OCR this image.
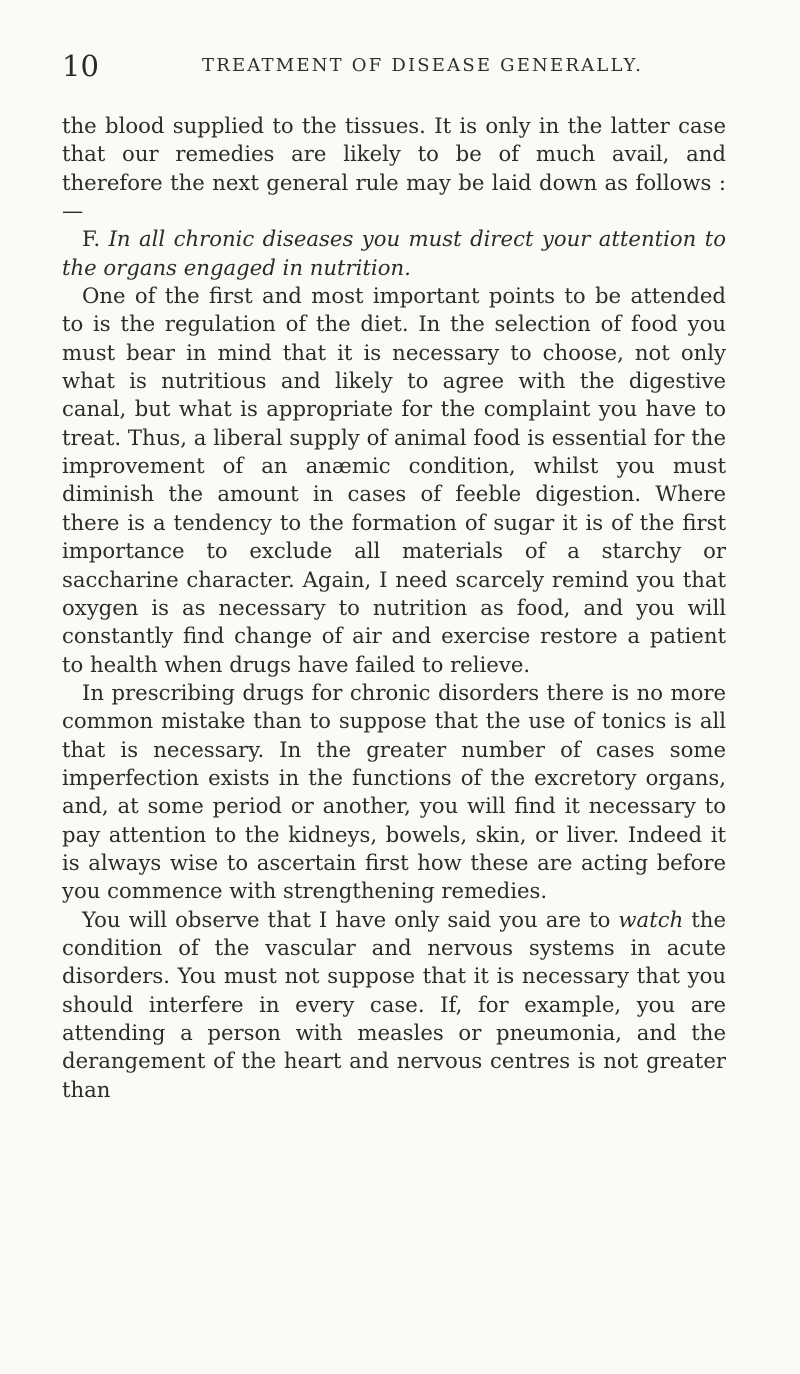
10	TREATMENT OF DISEASE GENERALLY.

the blood supplied to the tissues. It is only in the latter case that our remedies are likely to be of much avail, and therefore the next general rule may be laid down as follows :—

F. In all chronic diseases you must direct your attention to the organs engaged in nutrition.

One of the first and most important points to be attended to is the regulation of the diet. In the selection of food you must bear in mind that it is necessary to choose, not only what is nutritious and likely to agree with the digestive canal, but what is appropriate for the complaint you have to treat. Thus, a liberal supply of animal food is essential for the improvement of an anæmic condition, whilst you must diminish the amount in cases of feeble digestion. Where there is a tendency to the formation of sugar it is of the first importance to exclude all materials of a starchy or saccharine character. Again, I need scarcely remind you that oxygen is as necessary to nutrition as food, and you will constantly find change of air and exercise restore a patient to health when drugs have failed to relieve.

In prescribing drugs for chronic disorders there is no more common mistake than to suppose that the use of tonics is all that is necessary. In the greater number of cases some imperfection exists in the functions of the excretory organs, and, at some period or another, you will find it necessary to pay attention to the kidneys, bowels, skin, or liver. Indeed it is always wise to ascertain first how these are acting before you commence with strengthening remedies.

You will observe that I have only said you are to watch the condition of the vascular and nervous systems in acute disorders. You must not suppose that it is necessary that you should interfere in every case. If, for example, you are attending a person with measles or pneumonia, and the derangement of the heart and nervous centres is not greater than
